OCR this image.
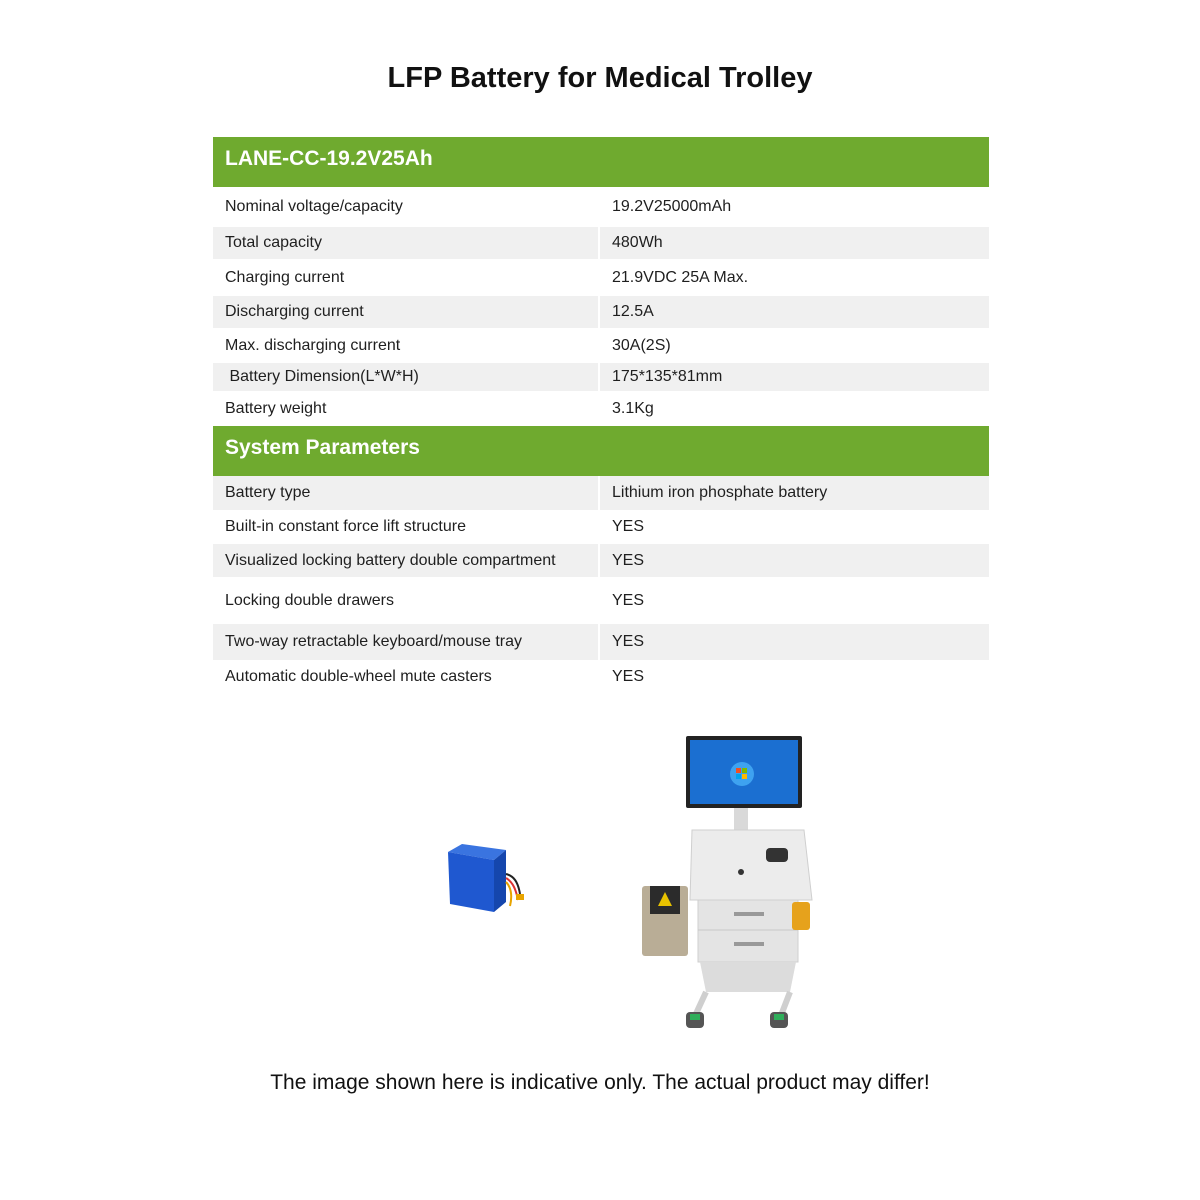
LFP Battery for Medical Trolley
LANE-CC-19.2V25Ah
Nominal voltage/capacity	19.2V25000mAh
Total capacity	480Wh
Charging current	21.9VDC 25A Max.
Discharging current	12.5A
Max. discharging current	30A(2S)
Battery Dimension(L*W*H)	175*135*81mm
Battery weight	3.1Kg
System Parameters
Battery type	Lithium iron phosphate battery
Built-in constant force lift structure	YES
Visualized locking battery double compartment	YES
Locking double drawers	YES
Two-way retractable keyboard/mouse tray	YES
Automatic double-wheel mute casters	YES
The image shown here is indicative only. The actual product may differ!
